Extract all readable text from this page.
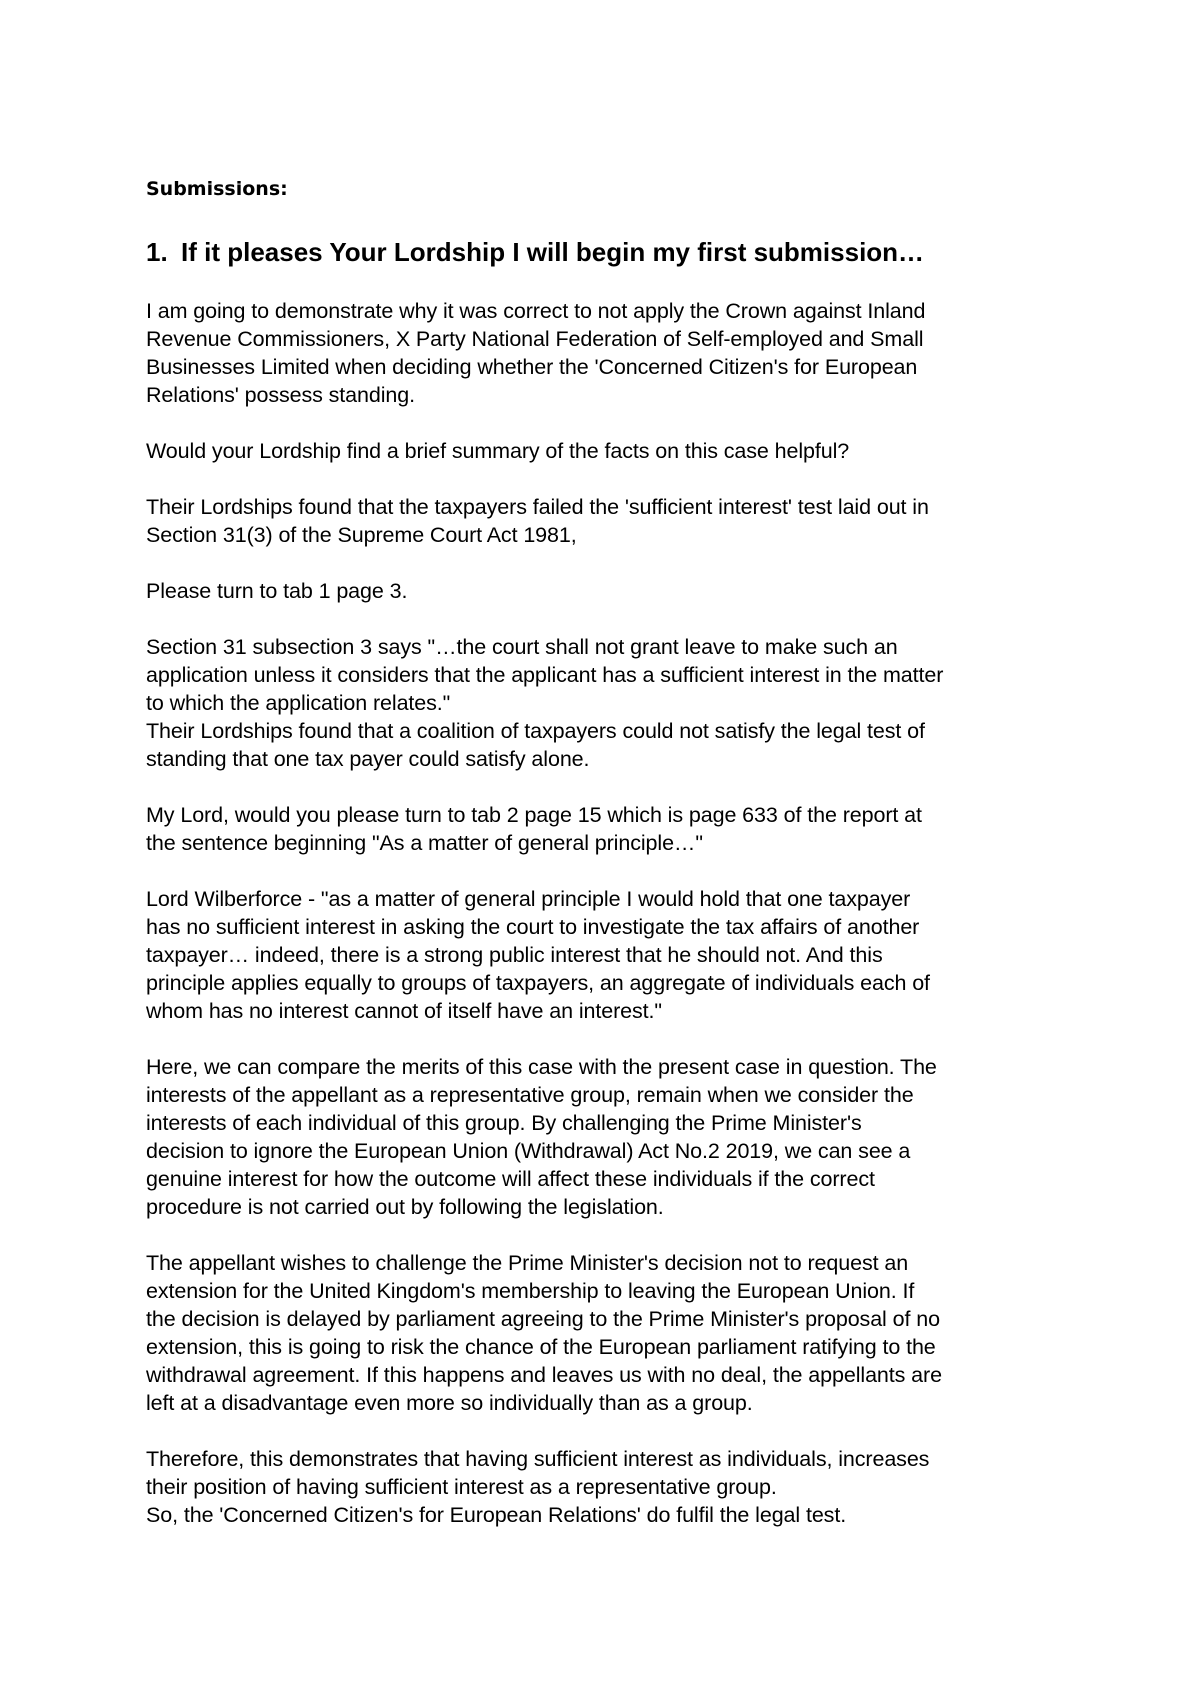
Submissions:
1. If it pleases Your Lordship I will begin my first submission…

I am going to demonstrate why it was correct to not apply the Crown against Inland
Revenue Commissioners, X Party National Federation of Self-employed and Small
Businesses Limited when deciding whether the 'Concerned Citizen's for European
Relations' possess standing.

Would your Lordship find a brief summary of the facts on this case helpful?

Their Lordships found that the taxpayers failed the 'sufficient interest' test laid out in
Section 31(3) of the Supreme Court Act 1981,

Please turn to tab 1 page 3.

Section 31 subsection 3 says "…the court shall not grant leave to make such an
application unless it considers that the applicant has a sufficient interest in the matter
to which the application relates."

Their Lordships found that a coalition of taxpayers could not satisfy the legal test of
standing that one tax payer could satisfy alone.

My Lord, would you please turn to tab 2 page 15 which is page 633 of the report at
the sentence beginning "As a matter of general principle…"

Lord Wilberforce - "as a matter of general principle I would hold that one taxpayer
has no sufficient interest in asking the court to investigate the tax affairs of another
taxpayer… indeed, there is a strong public interest that he should not. And this
principle applies equally to groups of taxpayers, an aggregate of individuals each of
whom has no interest cannot of itself have an interest."

Here, we can compare the merits of this case with the present case in question. The
interests of the appellant as a representative group, remain when we consider the
interests of each individual of this group. By challenging the Prime Minister's
decision to ignore the European Union (Withdrawal) Act No.2 2019, we can see a
genuine interest for how the outcome will affect these individuals if the correct
procedure is not carried out by following the legislation.

The appellant wishes to challenge the Prime Minister's decision not to request an
extension for the United Kingdom's membership to leaving the European Union. If
the decision is delayed by parliament agreeing to the Prime Minister's proposal of no
extension, this is going to risk the chance of the European parliament ratifying to the
withdrawal agreement. If this happens and leaves us with no deal, the appellants are
left at a disadvantage even more so individually than as a group.

Therefore, this demonstrates that having sufficient interest as individuals, increases
their position of having sufficient interest as a representative group.

So, the 'Concerned Citizen's for European Relations' do fulfil the legal test.
